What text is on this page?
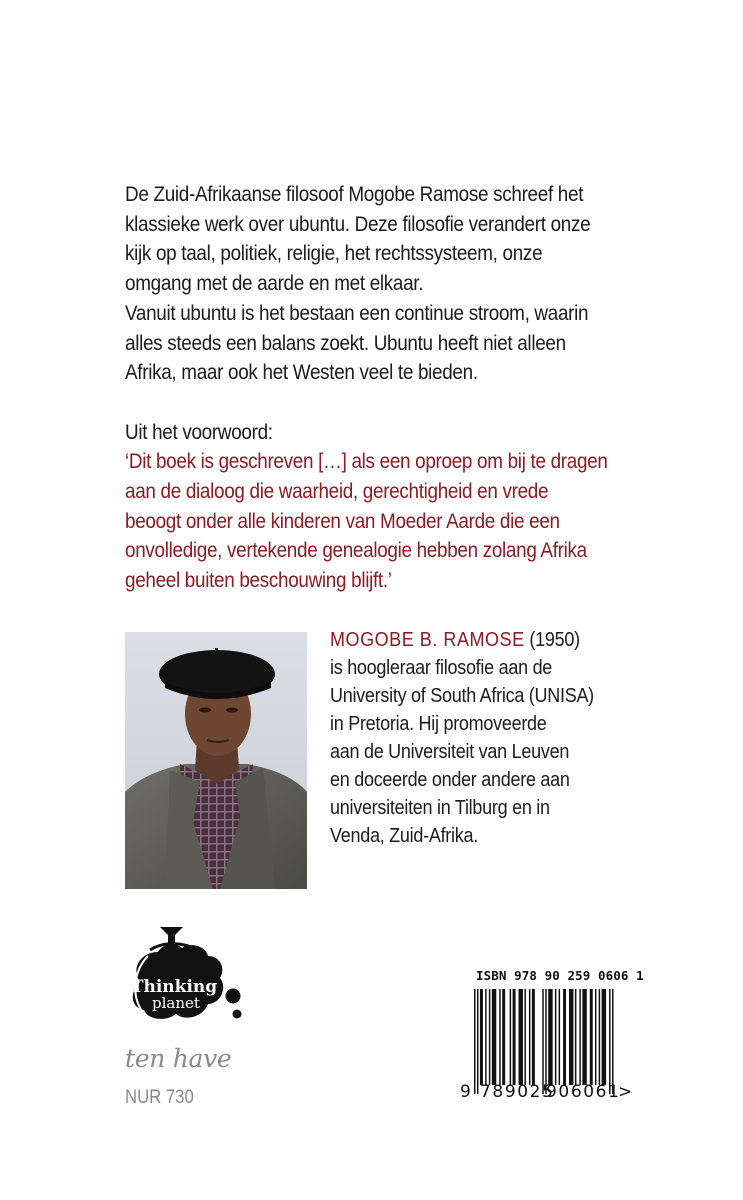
De Zuid-Afrikaanse filosoof Mogobe Ramose schreef het
klassieke werk over ubuntu. Deze filosofie verandert onze
kijk op taal, politiek, religie, het rechtssysteem, onze
omgang met de aarde en met elkaar.

Vanuit ubuntu is het bestaan een continue stroom, waarin
alles steeds een balans zoekt. Ubuntu heeft niet alleen
Afrika, maar ook het Westen veel te bieden.

Uit het voorwoord:

‘Dit boek is geschreven […] als een oproep om bij te dragen
aan de dialoog die waarheid, gerechtigheid en vrede
beoogt onder alle kinderen van Moeder Aarde die een
onvolledige, vertekende genealogie hebben zolang Afrika
geheel buiten beschouwing blijft.’

MOGOBE B. RAMOSE (1950)
is hoogleraar filosofie aan de
University of South Africa (UNISA)
in Pretoria. Hij promoveerde
aan de Universiteit van Leuven
en doceerde onder andere aan
universiteiten in Tilburg en in
Venda, Zuid-Afrika.
Thinking
planet
ten have
NUR 730
ISBN 978 90 259 0606 1
9 789025
906061
>
